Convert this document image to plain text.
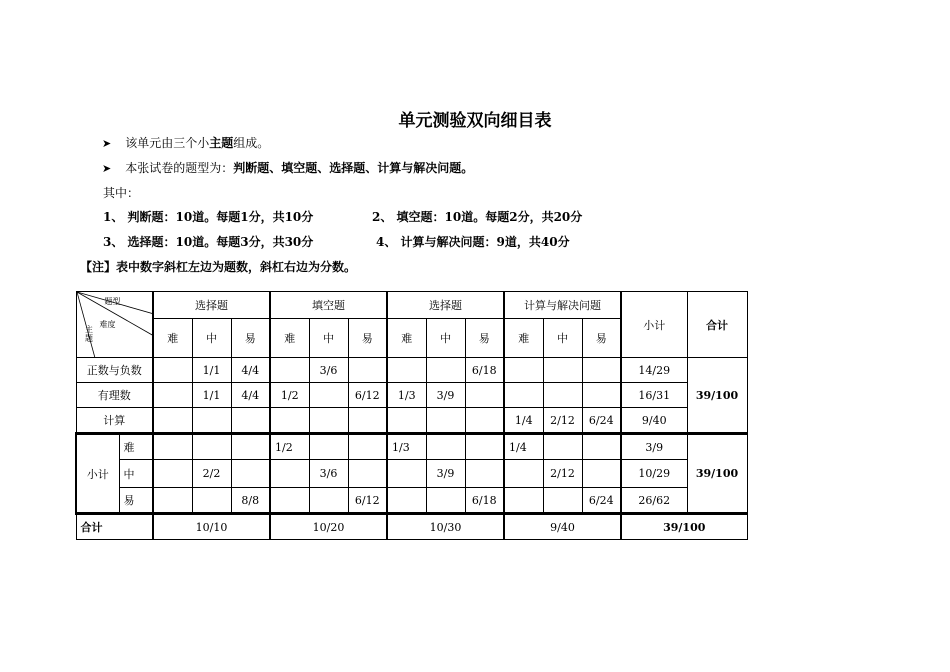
单元测验双向细目表
➤ 该单元由三个小主题组成。
➤ 本张试卷的题型为：判断题、填空题、选择题、计算与解决问题。
其中：
1、 判断题：10道。每题1分，共10分	2、 填空题：10道。每题2分，共20分
3、 选择题：10道。每题3分，共30分	4、 计算与解决问题：9道，共40分
【注】表中数字斜杠左边为题数，斜杠右边为分数。
题型
难度
主题		选择题			填空题			选择题			计算与解决问题			小计	合计
		难	中	易	难	中	易	难	中	易	难	中	易		
正数与负数			1/1	4/4		3/6				6/18				14/29	39/100
有理数			1/1	4/4	1/2		6/12	1/3	3/9					16/31	
计算											1/4	2/12	6/24	9/40	
小计	难				1/2			1/3			1/4			3/9	39/100
	中		2/2			3/6			3/9			2/12		10/29	
	易			8/8			6/12			6/18			6/24	26/62	
合计		10/10			10/20			10/30			9/40			39/100	
